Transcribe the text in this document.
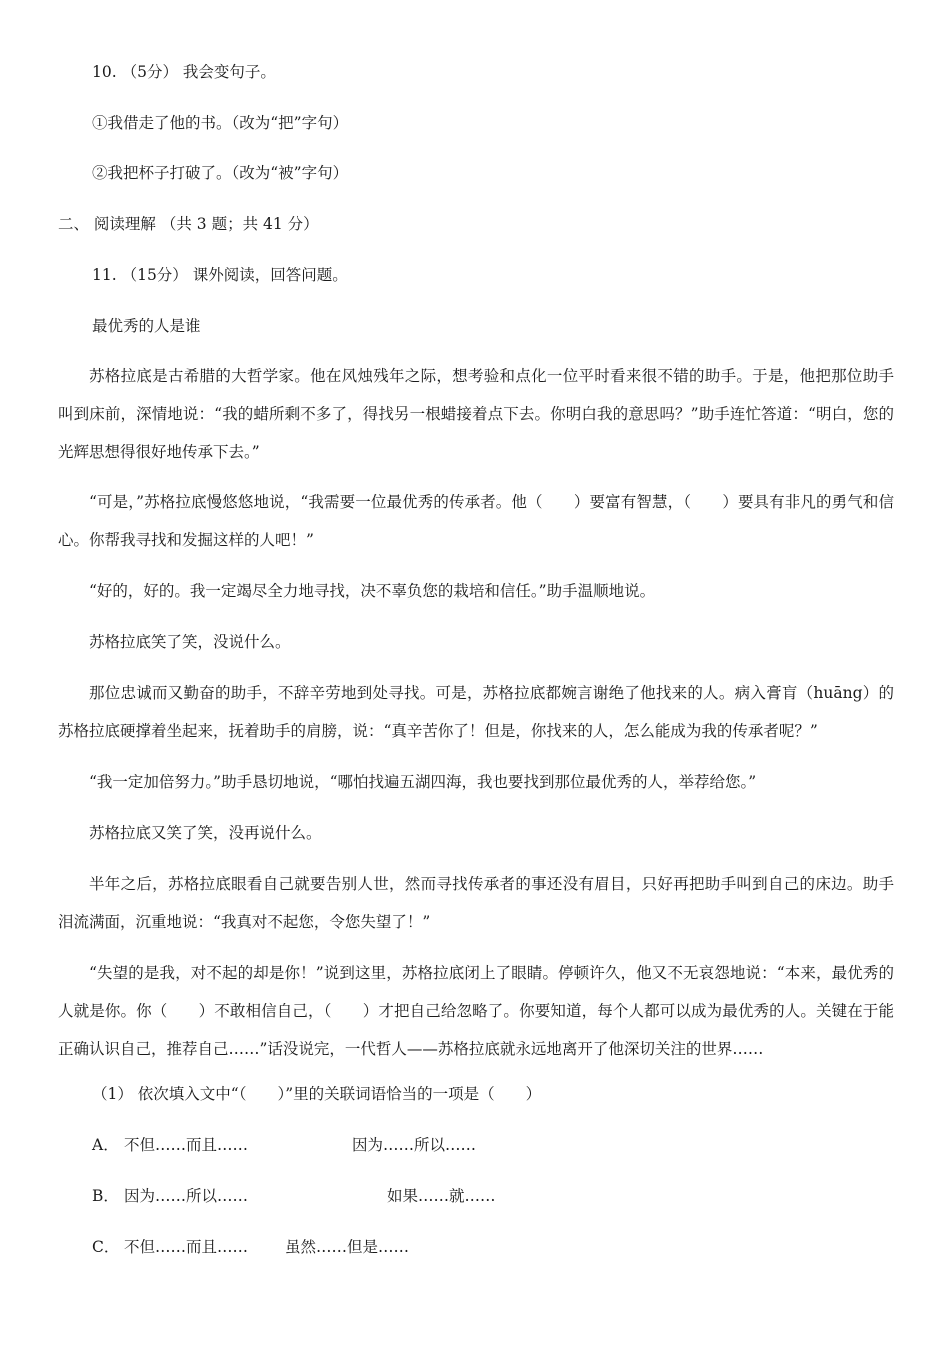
10. （5分） 我会变句子。
①我借走了他的书。（改为“把”字句）
②我把杯子打破了。（改为“被”字句）
二、 阅读理解 （共 3 题；共 41 分）
11. （15分） 课外阅读，回答问题。
最优秀的人是谁
苏格拉底是古希腊的大哲学家。他在风烛残年之际，想考验和点化一位平时看来很不错的助手。于是，他把那位助手叫到床前，深情地说：“我的蜡所剩不多了，得找另一根蜡接着点下去。你明白我的意思吗？”助手连忙答道：“明白，您的光辉思想得很好地传承下去。”
“可是，”苏格拉底慢悠悠地说，“我需要一位最优秀的传承者。他（　　）要富有智慧，（　　）要具有非凡的勇气和信心。你帮我寻找和发掘这样的人吧！”
“好的，好的。我一定竭尽全力地寻找，决不辜负您的栽培和信任。”助手温顺地说。
苏格拉底笑了笑，没说什么。
那位忠诚而又勤奋的助手，不辞辛劳地到处寻找。可是，苏格拉底都婉言谢绝了他找来的人。病入膏肓（huāng）的苏格拉底硬撑着坐起来，抚着助手的肩膀，说：“真辛苦你了！但是，你找来的人，怎么能成为我的传承者呢？”
“我一定加倍努力。”助手恳切地说，“哪怕找遍五湖四海，我也要找到那位最优秀的人，举荐给您。”
苏格拉底又笑了笑，没再说什么。
半年之后，苏格拉底眼看自己就要告别人世，然而寻找传承者的事还没有眉目，只好再把助手叫到自己的床边。助手泪流满面，沉重地说：“我真对不起您，令您失望了！”
“失望的是我，对不起的却是你！”说到这里，苏格拉底闭上了眼睛。停顿许久，他又不无哀怨地说：“本来，最优秀的人就是你。你（　　）不敢相信自己，（　　）才把自己给忽略了。你要知道，每个人都可以成为最优秀的人。关键在于能正确认识自己，推荐自己……”话没说完，一代哲人——苏格拉底就永远地离开了他深切关注的世界……
（1） 依次填入文中“（　　）”里的关联词语恰当的一项是（　　）
A． 不但……而且……	因为……所以……
B． 因为……所以……	如果……就……
C． 不但……而且…… 虽然……但是……
